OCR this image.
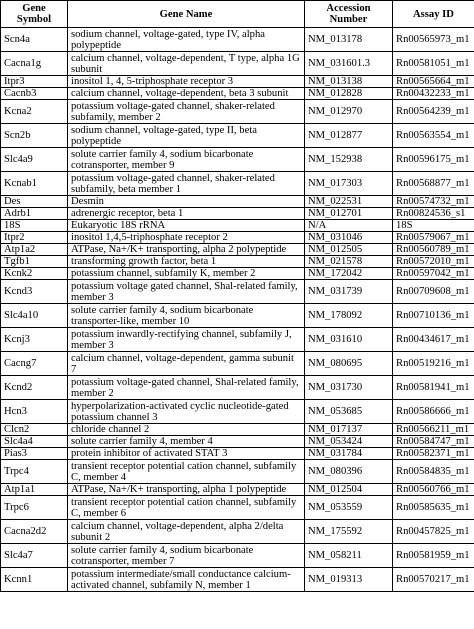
Gene Symbol	Gene Name	Accession Number	Assay ID
Scn4a	sodium channel, voltage-gated, type IV, alpha polypeptide	NM_013178	Rn00565973_m1
Cacna1g	calcium channel, voltage-dependent, T type, alpha 1G subunit	NM_031601.3	Rn00581051_m1
Itpr3	inositol 1, 4, 5-triphosphate receptor 3	NM_013138	Rn00565664_m1
Cacnb3	calcium channel, voltage-dependent, beta 3 subunit	NM_012828	Rn00432233_m1
Kcna2	potassium voltage-gated channel, shaker-related subfamily, member 2	NM_012970	Rn00564239_m1
Scn2b	sodium channel, voltage-gated, type II, beta polypeptide	NM_012877	Rn00563554_m1
Slc4a9	solute carrier family 4, sodium bicarbonate cotransporter, member 9	NM_152938	Rn00596175_m1
Kcnab1	potassium voltage-gated channel, shaker-related subfamily, beta member 1	NM_017303	Rn00568877_m1
Des	Desmin	NM_022531	Rn00574732_m1
Adrb1	adrenergic receptor, beta 1	NM_012701	Rn00824536_s1
18S	Eukaryotic 18S rRNA	N/A	18S
Itpr2	inositol 1,4,5-triphosphate receptor 2	NM_031046	Rn00579067_m1
Atp1a2	ATPase, Na+/K+ transporting, alpha 2 polypeptide	NM_012505	Rn00560789_m1
Tgfb1	transforming growth factor, beta 1	NM_021578	Rn00572010_m1
Kcnk2	potassium channel, subfamily K, member 2	NM_172042	Rn00597042_m1
Kcnd3	potassium voltage gated channel, Shal-related family, member 3	NM_031739	Rn00709608_m1
Slc4a10	solute carrier family 4, sodium bicarbonate transporter-like, member 10	NM_178092	Rn00710136_m1
Kcnj3	potassium inwardly-rectifying channel, subfamily J, member 3	NM_031610	Rn00434617_m1
Cacng7	calcium channel, voltage-dependent, gamma subunit 7	NM_080695	Rn00519216_m1
Kcnd2	potassium voltage-gated channel, Shal-related family, member 2	NM_031730	Rn00581941_m1
Hcn3	hyperpolarization-activated cyclic nucleotide-gated potassium channel 3	NM_053685	Rn00586666_m1
Clcn2	chloride channel 2	NM_017137	Rn00566211_m1
Slc4a4	solute carrier family 4, member 4	NM_053424	Rn00584747_m1
Pias3	protein inhibitor of activated STAT 3	NM_031784	Rn00582371_m1
Trpc4	transient receptor potential cation channel, subfamily C, member 4	NM_080396	Rn00584835_m1
Atp1a1	ATPase, Na+/K+ transporting, alpha 1 polypeptide	NM_012504	Rn00560766_m1
Trpc6	transient receptor potential cation channel, subfamily C, member 6	NM_053559	Rn00585635_m1
Cacna2d2	calcium channel, voltage-dependent, alpha 2/delta subunit 2	NM_175592	Rn00457825_m1
Slc4a7	solute carrier family 4, sodium bicarbonate cotransporter, member 7	NM_058211	Rn00581959_m1
Kcnn1	potassium intermediate/small conductance calcium-activated channel, subfamily N, member 1	NM_019313	Rn00570217_m1
